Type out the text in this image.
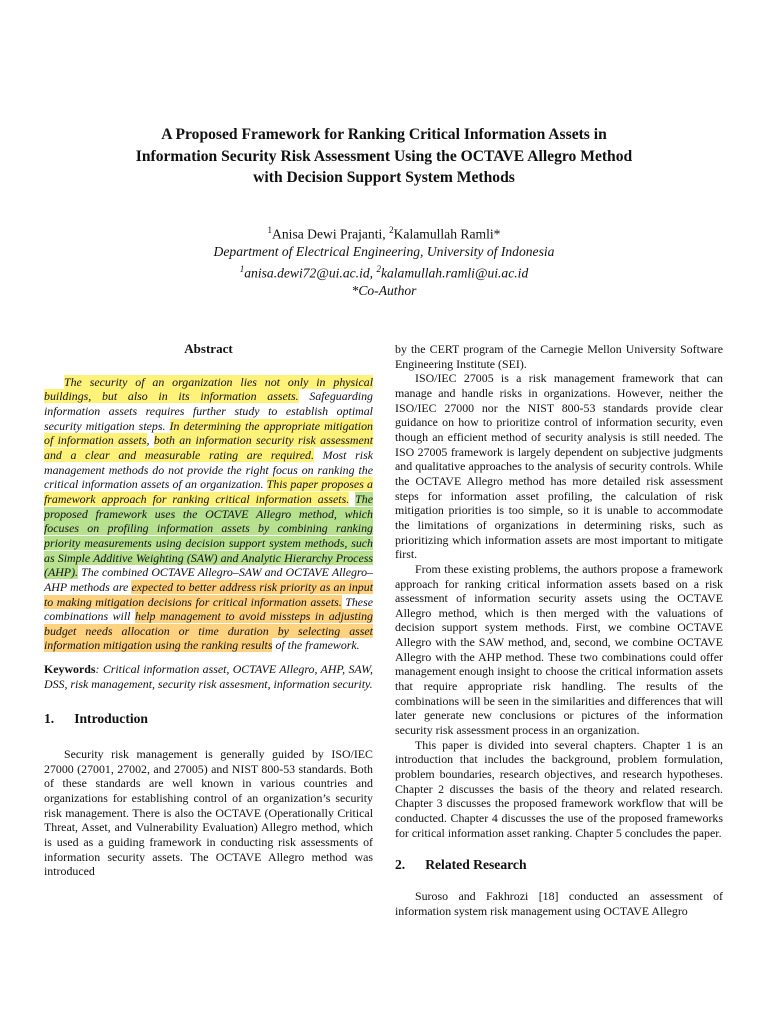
A Proposed Framework for Ranking Critical Information Assets in
Information Security Risk Assessment Using the OCTAVE Allegro Method
with Decision Support System Methods
$^1$Anisa Dewi Prajanti, $^2$Kalamullah Ramli*
Department of Electrical Engineering, University of Indonesia
$^1$anisa.dewi72@ui.ac.id, $^2$kalamullah.ramli@ui.ac.id
*Co-Author
Abstract

The security of an organization lies not only in physical buildings, but also in its information assets. Safeguarding information assets requires further study to establish optimal security mitigation steps. In determining the appropriate mitigation of information assets, both an information security risk assessment and a clear and measurable rating are required. Most risk management methods do not provide the right focus on ranking the critical information assets of an organization. This paper proposes a framework approach for ranking critical information assets. The proposed framework uses the OCTAVE Allegro method, which focuses on profiling information assets by combining ranking priority measurements using decision support system methods, such as Simple Additive Weighting (SAW) and Analytic Hierarchy Process (AHP). The combined OCTAVE Allegro–SAW and OCTAVE Allegro–AHP methods are expected to better address risk priority as an input to making mitigation decisions for critical information assets. These combinations will help management to avoid missteps in adjusting budget needs allocation or time duration by selecting asset information mitigation using the ranking results of the framework.

Keywords: Critical information asset, OCTAVE Allegro, AHP, SAW, DSS, risk management, security risk assesment, information security.

1. Introduction

Security risk management is generally guided by ISO/IEC 27000 (27001, 27002, and 27005) and NIST 800-53 standards. Both of these standards are well known in various countries and organizations for establishing control of an organization’s security risk management. There is also the OCTAVE (Operationally Critical Threat, Asset, and Vulnerability Evaluation) Allegro method, which is used as a guiding framework in conducting risk assessments of information security assets. The OCTAVE Allegro method was introduced

by the CERT program of the Carnegie Mellon University Software Engineering Institute (SEI).

ISO/IEC 27005 is a risk management framework that can manage and handle risks in organizations. However, neither the ISO/IEC 27000 nor the NIST 800-53 standards provide clear guidance on how to prioritize control of information security, even though an efficient method of security analysis is still needed. The ISO 27005 framework is largely dependent on subjective judgments and qualitative approaches to the analysis of security controls. While the OCTAVE Allegro method has more detailed risk assessment steps for information asset profiling, the calculation of risk mitigation priorities is too simple, so it is unable to accommodate the limitations of organizations in determining risks, such as prioritizing which information assets are most important to mitigate first.

From these existing problems, the authors propose a framework approach for ranking critical information assets based on a risk assessment of information security assets using the OCTAVE Allegro method, which is then merged with the valuations of decision support system methods. First, we combine OCTAVE Allegro with the SAW method, and, second, we combine OCTAVE Allegro with the AHP method. These two combinations could offer management enough insight to choose the critical information assets that require appropriate risk handling. The results of the combinations will be seen in the similarities and differences that will later generate new conclusions or pictures of the information security risk assessment process in an organization.

This paper is divided into several chapters. Chapter 1 is an introduction that includes the background, problem formulation, problem boundaries, research objectives, and research hypotheses. Chapter 2 discusses the basis of the theory and related research. Chapter 3 discusses the proposed framework workflow that will be conducted. Chapter 4 discusses the use of the proposed frameworks for critical information asset ranking. Chapter 5 concludes the paper.

2. Related Research

Suroso and Fakhrozi [18] conducted an assessment of information system risk management using OCTAVE Allegro
